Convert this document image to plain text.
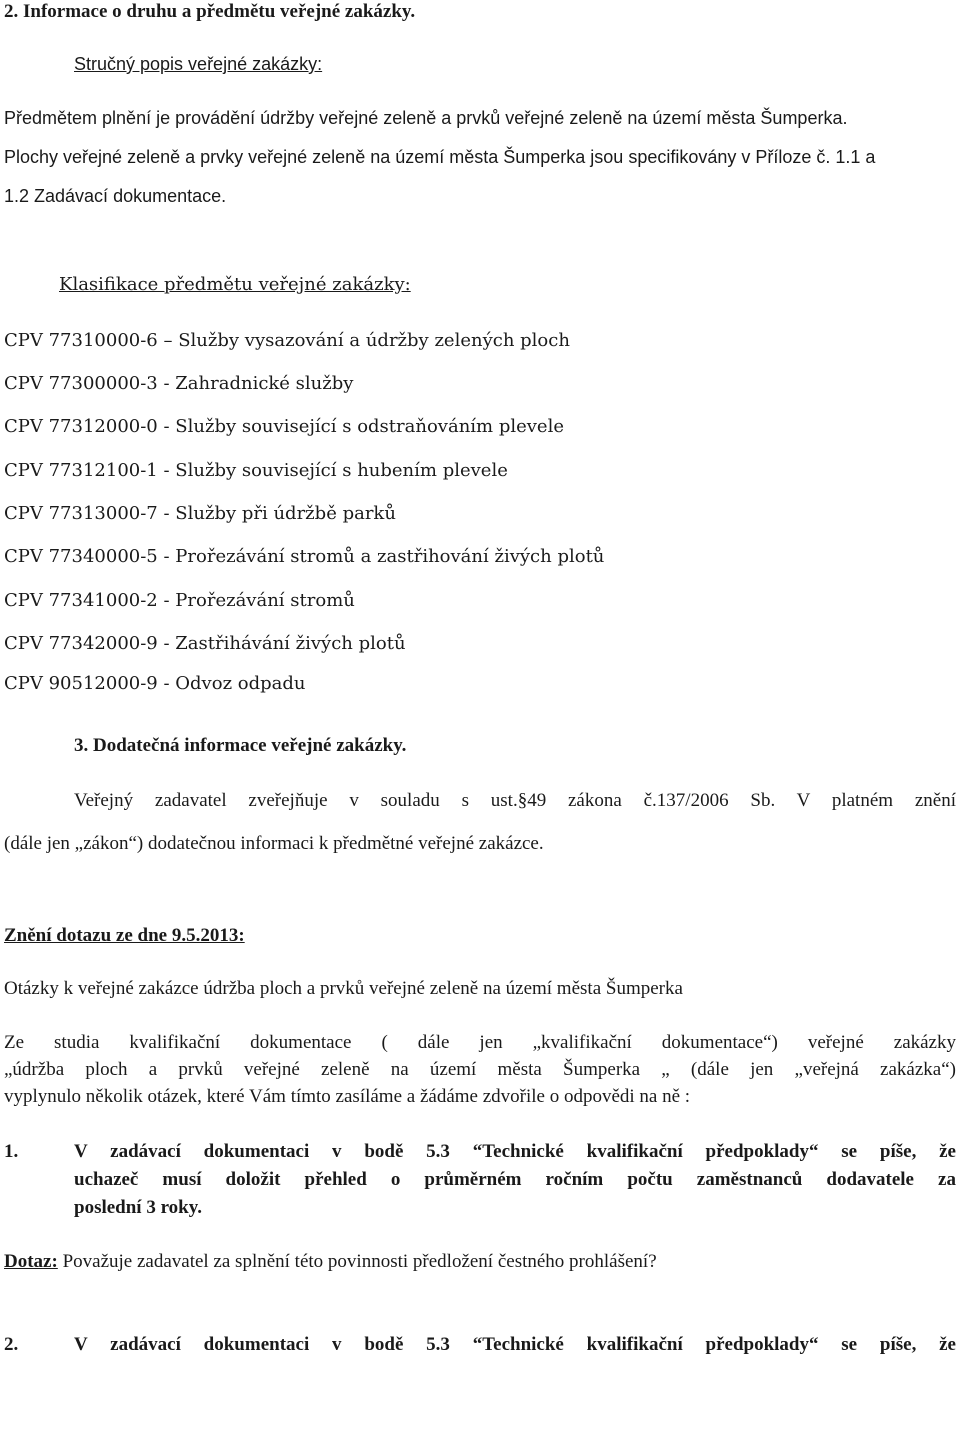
2. Informace o druhu a předmětu veřejné zakázky.
Stručný popis veřejné zakázky:
Předmětem plnění je provádění údržby veřejné zeleně a prvků veřejné zeleně na území města Šumperka.
Plochy veřejné zeleně a prvky veřejné zeleně na území města Šumperka jsou specifikovány v Příloze č. 1.1 a
1.2 Zadávací dokumentace.
Klasifikace předmětu veřejné zakázky:
CPV 77310000-6 – Služby vysazování a údržby zelených ploch
CPV 77300000-3 - Zahradnické služby
CPV 77312000-0 - Služby související s odstraňováním plevele
CPV 77312100-1 - Služby související s hubením plevele
CPV 77313000-7 - Služby při údržbě parků
CPV 77340000-5 - Prořezávání stromů a zastřihování živých plotů
CPV 77341000-2 - Prořezávání stromů
CPV 77342000-9 - Zastřihávání živých plotů
CPV 90512000-9 - Odvoz odpadu
3. Dodatečná informace veřejné zakázky.
Veřejný zadavatel zveřejňuje v souladu s ust.§49 zákona č.137/2006 Sb. V platném znění
(dále jen „zákon“) dodatečnou informaci k předmětné veřejné zakázce.
Znění dotazu ze dne 9.5.2013:
Otázky k veřejné zakázce údržba ploch a prvků veřejné zeleně na území města Šumperka
Ze studia kvalifikační dokumentace ( dále jen „kvalifikační dokumentace“) veřejné zakázky
„údržba ploch a prvků veřejné zeleně na území města Šumperka „ (dále jen „veřejná zakázka“)
vyplynulo několik otázek, které Vám tímto zasíláme a žádáme zdvořile o odpovědi na ně :
1.	V zadávací dokumentaci v bodě 5.3 “Technické kvalifikační předpoklady“ se píše, že
uchazeč musí doložit přehled o průměrném ročním počtu zaměstnanců dodavatele za
poslední 3 roky.
Dotaz: Považuje zadavatel za splnění této povinnosti předložení čestného prohlášení?
2.	V zadávací dokumentaci v bodě 5.3 “Technické kvalifikační předpoklady“ se píše, že
